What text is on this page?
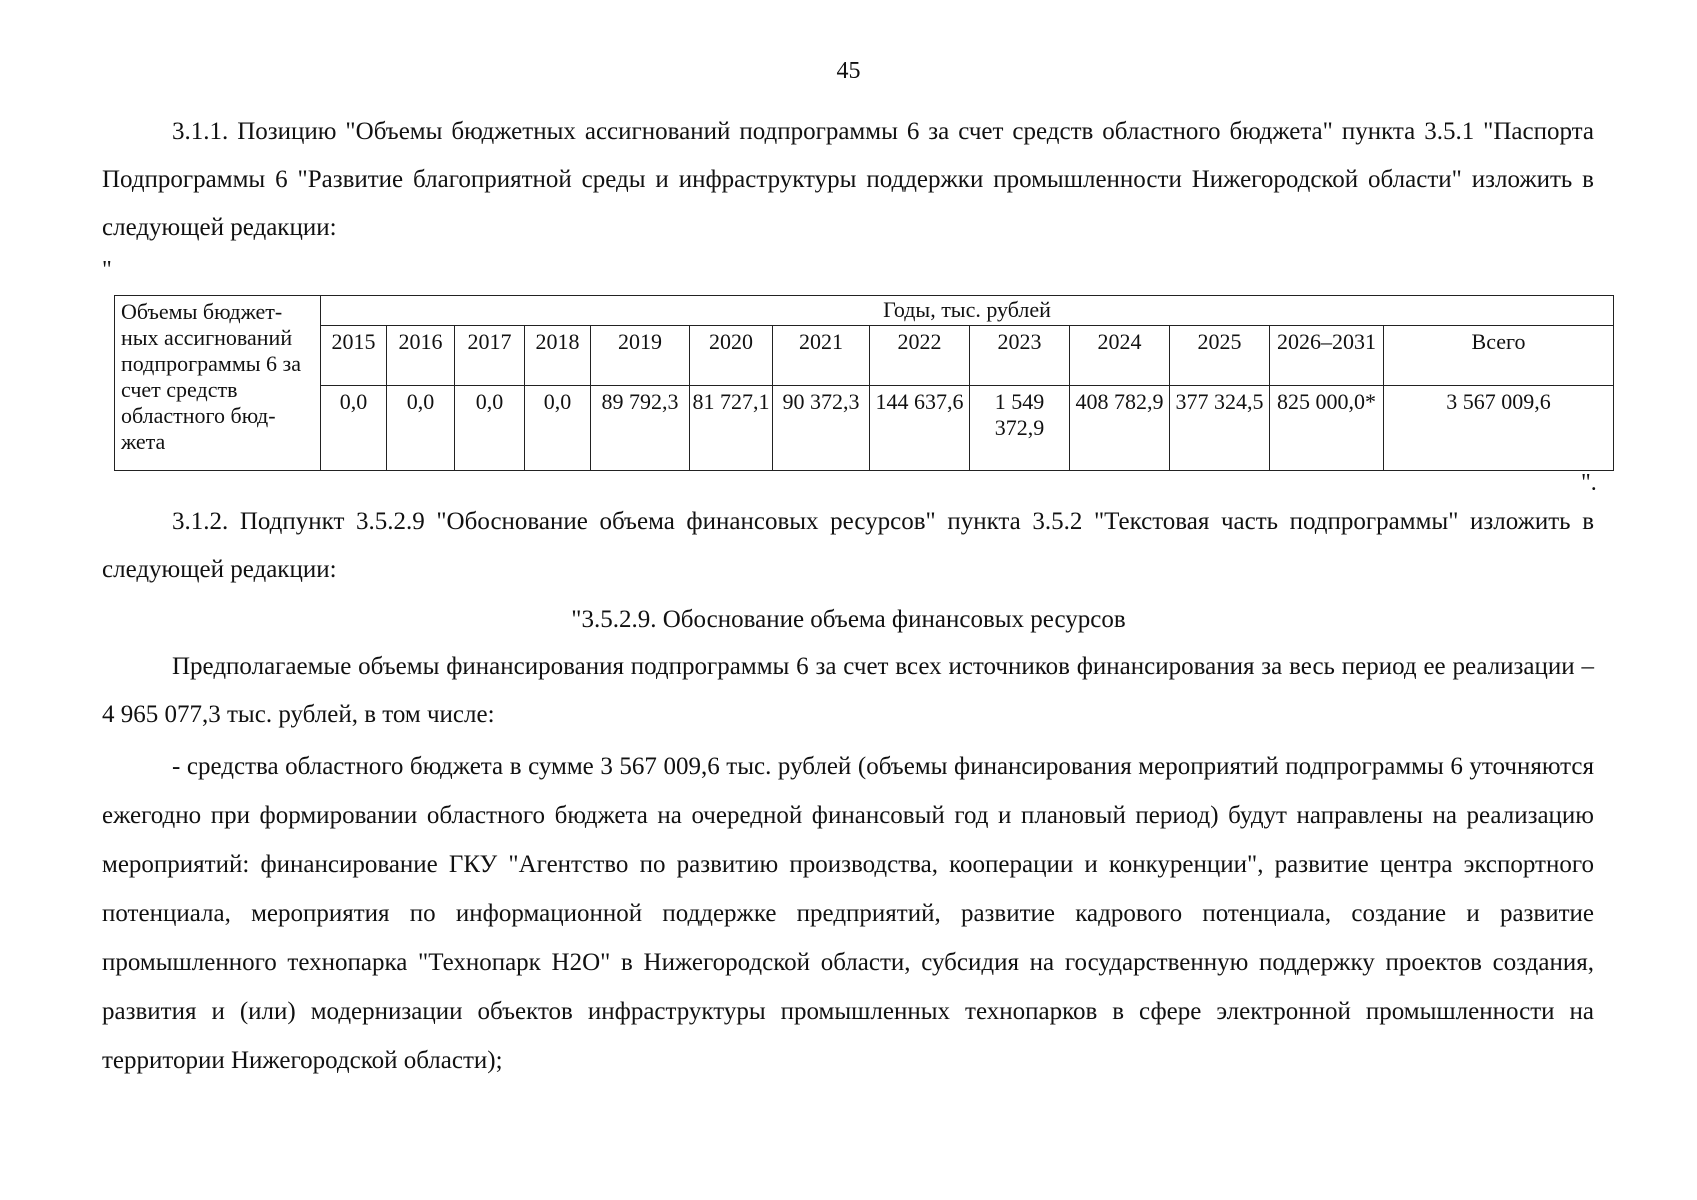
45
3.1.1. Позицию "Объемы бюджетных ассигнований подпрограммы 6 за счет средств областного бюджета" пункта 3.5.1 "Паспорта Подпрограммы 6 "Развитие благоприятной среды и инфраструктуры поддержки промышленности Нижегородской области" изложить в следующей редакции:
"
Объемы бюджет-ных ассигнований подпрограммы 6 за счет средств областного бюд-жета	Годы, тыс. рублей												
	2015	2016	2017	2018	2019	2020	2021	2022	2023	2024	2025	2026–2031	Всего
	0,0	0,0	0,0	0,0	89 792,3	81 727,1	90 372,3	144 637,6	1 549 372,9	408 782,9	377 324,5	825 000,0*	3 567 009,6
".
3.1.2. Подпункт 3.5.2.9 "Обоснование объема финансовых ресурсов" пункта 3.5.2 "Текстовая часть подпрограммы" изложить в следующей редакции:
"3.5.2.9. Обоснование объема финансовых ресурсов
Предполагаемые объемы финансирования подпрограммы 6 за счет всех источников финансирования за весь период ее реализации – 4 965 077,3 тыс. рублей, в том числе:
- средства областного бюджета в сумме 3 567 009,6 тыс. рублей (объемы финансирования мероприятий подпрограммы 6 уточняются ежегодно при формировании областного бюджета на очередной финансовый год и плановый период) будут направлены на реализацию мероприятий: финансирование ГКУ "Агентство по развитию производства, кооперации и конкуренции", развитие центра экспортного потенциала, мероприятия по информационной поддержке предприятий, развитие кадрового потенциала, создание и развитие промышленного технопарка "Технопарк Н2О" в Нижегородской области, субсидия на государственную поддержку проектов создания, развития и (или) модернизации объектов инфраструктуры промышленных технопарков в сфере электронной промышленности на территории Нижегородской области);
